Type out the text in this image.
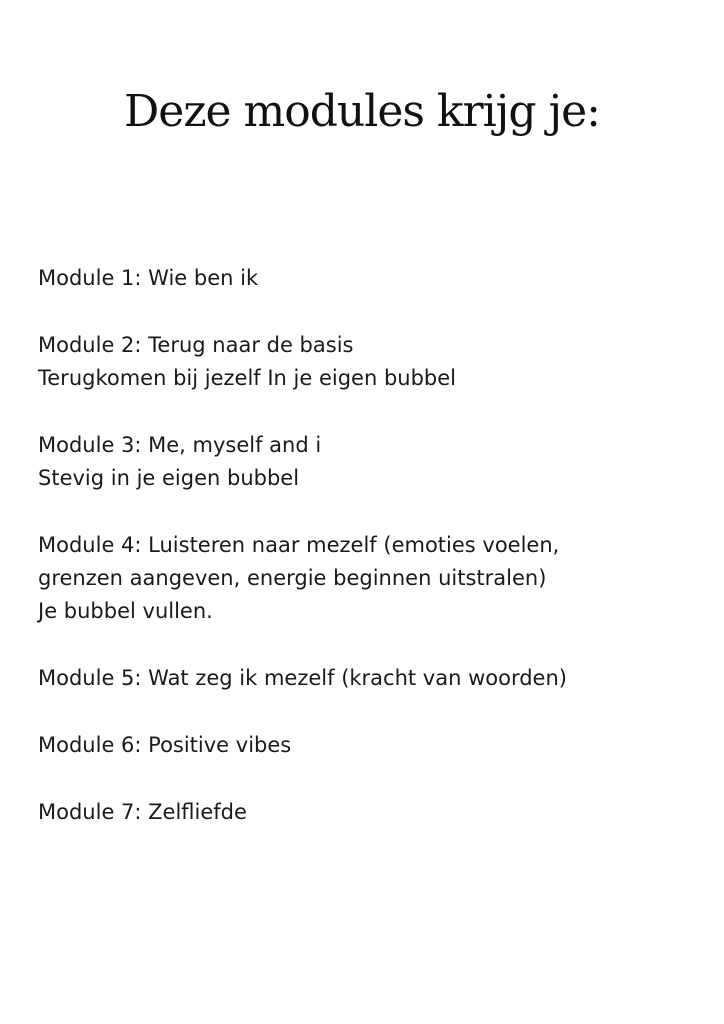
Deze modules krijg je:
Module 1: Wie ben ik
Module 2: Terug naar de basis
Terugkomen bij jezelf In je eigen bubbel
Module 3: Me, myself and i
Stevig in je eigen bubbel
Module 4: Luisteren naar mezelf (emoties voelen,
grenzen aangeven, energie beginnen uitstralen)
Je bubbel vullen.
Module 5: Wat zeg ik mezelf (kracht van woorden)
Module 6: Positive vibes
Module 7: Zelfliefde
